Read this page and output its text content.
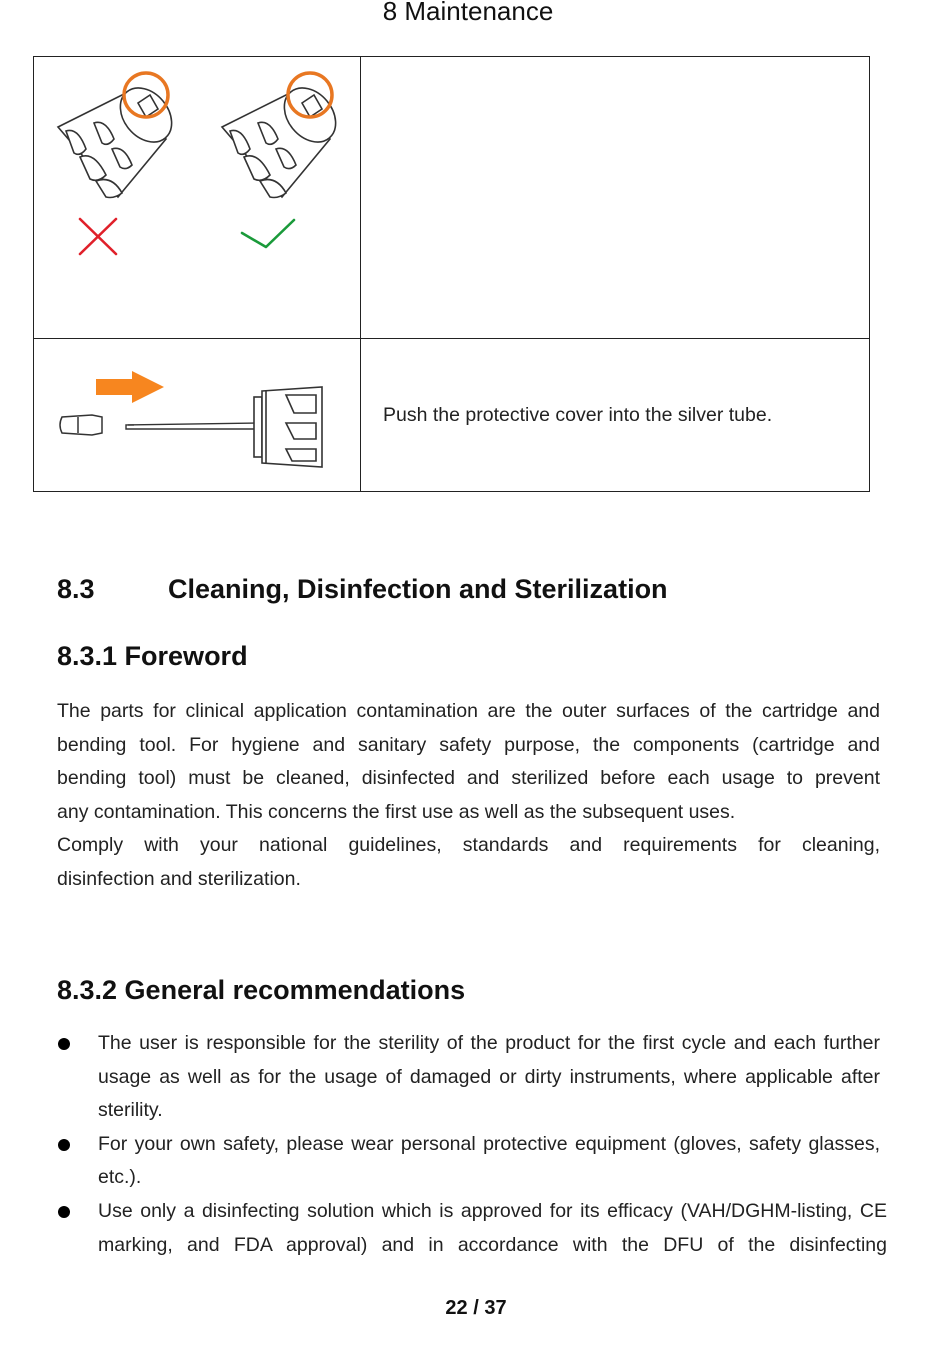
8 Maintenance

	Push the protective cover into the silver tube.
8.3	Cleaning, Disinfection and Sterilization
8.3.1 Foreword
The parts for clinical application contamination are the outer surfaces of the cartridge and
bending tool. For hygiene and sanitary safety purpose, the components (cartridge and
bending tool) must be cleaned, disinfected and sterilized before each usage to prevent
any contamination. This concerns the first use as well as the subsequent uses.
Comply with your national guidelines, standards and requirements for cleaning,
disinfection and sterilization.
8.3.2 General recommendations
The user is responsible for the sterility of the product for the first cycle and each further usage as well as for the usage of damaged or dirty instruments, where applicable after sterility.
For your own safety, please wear personal protective equipment (gloves, safety glasses, etc.).
Use only a disinfecting solution which is approved for its efficacy (VAH/DGHM-listing, CE marking, and FDA approval) and in accordance with the DFU of the disinfecting
22 / 37
